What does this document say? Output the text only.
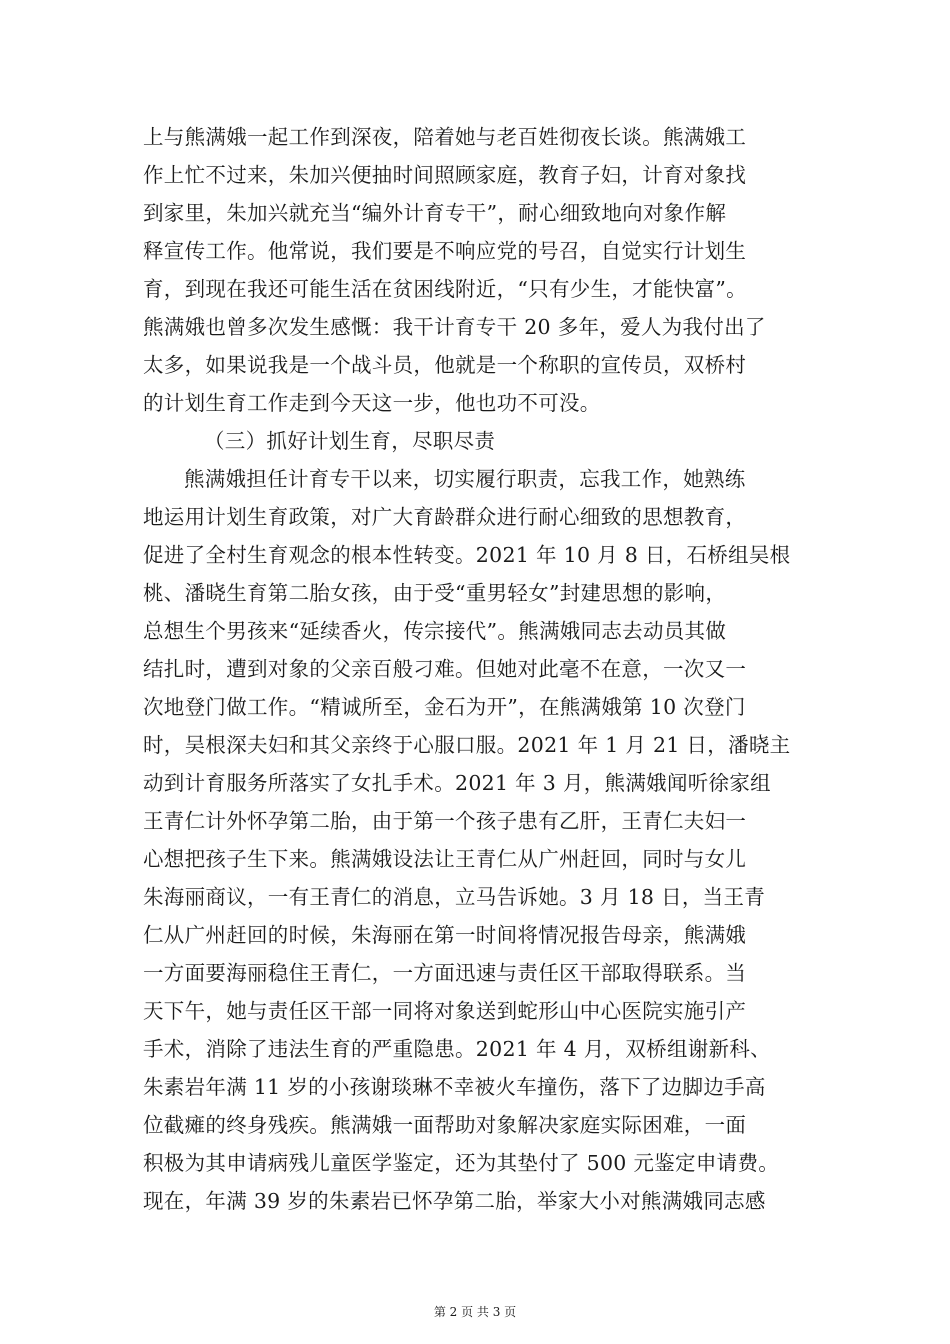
上与熊满娥一起工作到深夜，陪着她与老百姓彻夜长谈。熊满娥工
作上忙不过来，朱加兴便抽时间照顾家庭，教育子妇，计育对象找
到家里，朱加兴就充当“编外计育专干”，耐心细致地向对象作解
释宣传工作。他常说，我们要是不响应党的号召，自觉实行计划生
育，到现在我还可能生活在贫困线附近，“只有少生，才能快富”。
熊满娥也曾多次发生感慨：我干计育专干 20 多年，爱人为我付出了
太多，如果说我是一个战斗员，他就是一个称职的宣传员，双桥村
的计划生育工作走到今天这一步，他也功不可没。
（三）抓好计划生育，尽职尽责
熊满娥担任计育专干以来，切实履行职责，忘我工作，她熟练
地运用计划生育政策，对广大育龄群众进行耐心细致的思想教育，
促进了全村生育观念的根本性转变。2021 年 10 月 8 日，石桥组吴根
桃、潘晓生育第二胎女孩，由于受“重男轻女”封建思想的影响，
总想生个男孩来“延续香火，传宗接代”。熊满娥同志去动员其做
结扎时，遭到对象的父亲百般刁难。但她对此毫不在意，一次又一
次地登门做工作。“精诚所至，金石为开”，在熊满娥第 10 次登门
时，吴根深夫妇和其父亲终于心服口服。2021 年 1 月 21 日，潘晓主
动到计育服务所落实了女扎手术。2021 年 3 月，熊满娥闻听徐家组
王青仁计外怀孕第二胎，由于第一个孩子患有乙肝，王青仁夫妇一
心想把孩子生下来。熊满娥设法让王青仁从广州赶回，同时与女儿
朱海丽商议，一有王青仁的消息，立马告诉她。3 月 18 日，当王青
仁从广州赶回的时候，朱海丽在第一时间将情况报告母亲，熊满娥
一方面要海丽稳住王青仁，一方面迅速与责任区干部取得联系。当
天下午，她与责任区干部一同将对象送到蛇形山中心医院实施引产
手术，消除了违法生育的严重隐患。2021 年 4 月，双桥组谢新科、
朱素岩年满 11 岁的小孩谢琰琳不幸被火车撞伤，落下了边脚边手高
位截瘫的终身残疾。熊满娥一面帮助对象解决家庭实际困难，一面
积极为其申请病残儿童医学鉴定，还为其垫付了 500 元鉴定申请费。
现在，年满 39 岁的朱素岩已怀孕第二胎，举家大小对熊满娥同志感
第 2 页 共 3 页
